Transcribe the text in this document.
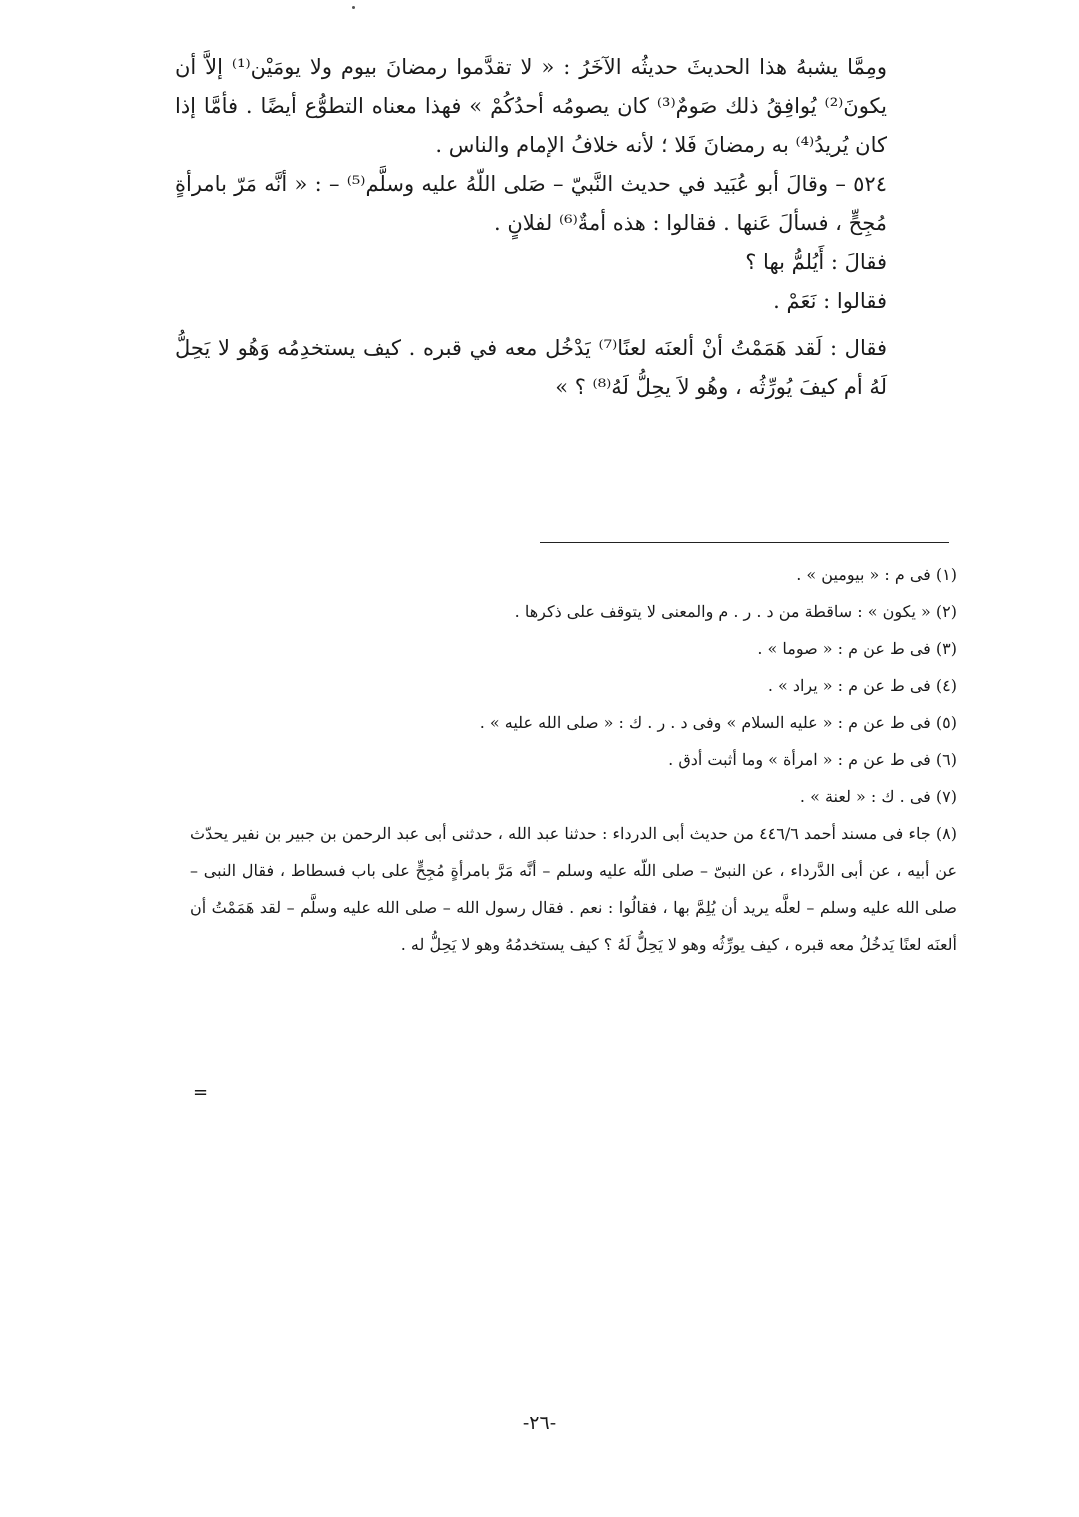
ومِمَّا يشبهُ هذا الحديثَ حديثُه الآخَرُ : « لا تقدَّموا رمضانَ بيوم ولا يومَيْن⁽¹⁾ إلاَّ أن يكونَ⁽²⁾ يُوافِقُ ذلك صَومٌ⁽³⁾ كان يصومُه أحدُكُمْ » فهذا معناه التطوُّع أيضًا . فأمَّا إذا كان يُريدُ⁽⁴⁾ به رمضانَ فَلا ؛ لأنه خلافُ الإمام والناس .

٥٢٤ – وقالَ أبو عُبَيد في حديث النَّبيّ – صَلى اللّهُ عليه وسلَّم⁽⁵⁾ – : « أنَّه مَرّ بامرأةٍ مُجِحٍّ ، فسألَ عَنها . فقالوا : هذه أمةٌ⁽⁶⁾ لفلانٍ .

فقالَ : أَيُلمُّ بها ؟

فقالوا : نَعَمْ .

فقال : لَقد هَمَمْتُ أنْ ألعنَه لعنًا⁽⁷⁾ يَدْخُل معه في قبره . كيف يستخدِمُه وَهُو لا يَحِلُّ لَهُ أم كيفَ يُورِّثُه ، وهُو لاَ يحِلُّ لَهُ⁽⁸⁾ ؟ »

(١) فى م : « بيومين » .

(٢) « يكون » : ساقطة من د . ر . م والمعنى لا يتوقف على ذكرها .

(٣) فى ط عن م : « صوما » .

(٤) فى ط عن م : « يراد » .

(٥) فى ط عن م : « عليه السلام » وفى د . ر . ك : « صلى الله عليه » .

(٦) فى ط عن م : « امرأة » وما أثبت أدق .

(٧) فى . ك : « لعنة » .

(٨) جاء فى مسند أحمد ٤٤٦/٦ من حديث أبى الدرداء : حدثنا عبد الله ، حدثنى أبى عبد الرحمن بن جبير بن نفير يحدّث عن أبيه ، عن أبى الدَّرداء ، عن النبىّ – صلى اللّه عليه وسلم – أنَّه مَرَّ بامرأةٍ مُجِحٍّ على باب فسطاط ، فقال النبى – صلى الله عليه وسلم – لعلَّه يريد أن يُلِمَّ بها ، فقالُوا : نعم . فقال رسول الله – صلى الله عليه وسلَّم – لقد هَمَمْتُ أن ألعنَه لعنًا يَدخُلُ معه قبره ، كيف يورِّثُه وهو لا يَحِلُّ لَهُ ؟ كيف يستخدمُهُ وهو لا يَحِلُّ له .

=
-٢٦-
